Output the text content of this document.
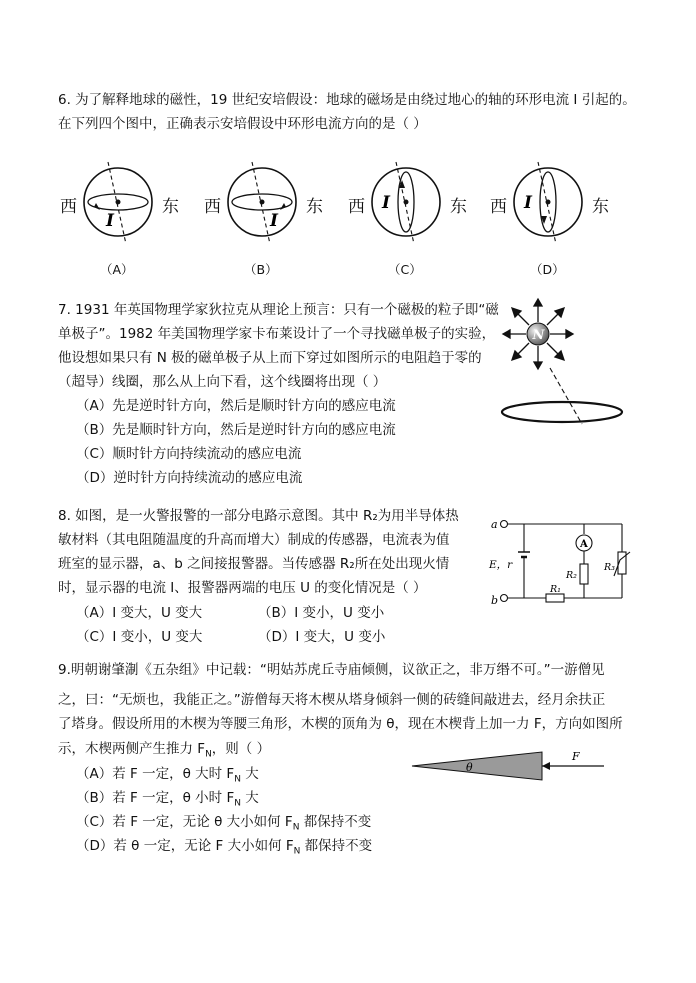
6. 为了解释地球的磁性，19 世纪安培假设：地球的磁场是由绕过地心的轴的环形电流 I 引起的。
在下列四个图中，正确表示安培假设中环形电流方向的是（ ）
西
I
东 西
I
东 西 I	东 西 I	东
（A）	（B）	（C）	（D）
7. 1931 年英国物理学家狄拉克从理论上预言：只有一个磁极的粒子即“磁
单极子”。1982 年美国物理学家卡布莱设计了一个寻找磁单极子的实验，
他设想如果只有 N 极的磁单极子从上而下穿过如图所示的电阻趋于零的
（超导）线圈，那么从上向下看，这个线圈将出现（ ）
（A）先是逆时针方向，然后是顺时针方向的感应电流
（B）先是顺时针方向，然后是逆时针方向的感应电流
（C）顺时针方向持续流动的感应电流
（D）逆时针方向持续流动的感应电流
N
8. 如图，是一火警报警的一部分电路示意图。其中 R₂为用半导体热
敏材料（其电阻随温度的升高而增大）制成的传感器，电流表为值
班室的显示器，a、b 之间接报警器。当传感器 R₂所在处出现火情
时，显示器的电流 I、报警器两端的电压 U 的变化情况是（ ）
（A）I 变大，U 变大	（B）I 变小，U 变小
（C）I 变小，U 变大	（D）I 变大，U 变小
a
b
E，r
A
R₁
R₂
R₃
9.明朝谢肇淛《五杂组》中记载：“明姑苏虎丘寺庙倾侧，议欲正之，非万缗不可。”一游僧见
之，曰：“无烦也，我能正之。”游僧每天将木楔从塔身倾斜一侧的砖缝间敲进去，经月余扶正
了塔身。假设所用的木楔为等腰三角形，木楔的顶角为 θ，现在木楔背上加一力 F，方向如图所
示，木楔两侧产生推力 $F_N$，则（ ）
（A）若 F 一定，θ 大时 $F_N$ 大
（B）若 F 一定，θ 小时 $F_N$ 大
（C）若 F 一定，无论 θ 大小如何 $F_N$ 都保持不变
（D）若 θ 一定，无论 F 大小如何 $F_N$ 都保持不变
F
θ
